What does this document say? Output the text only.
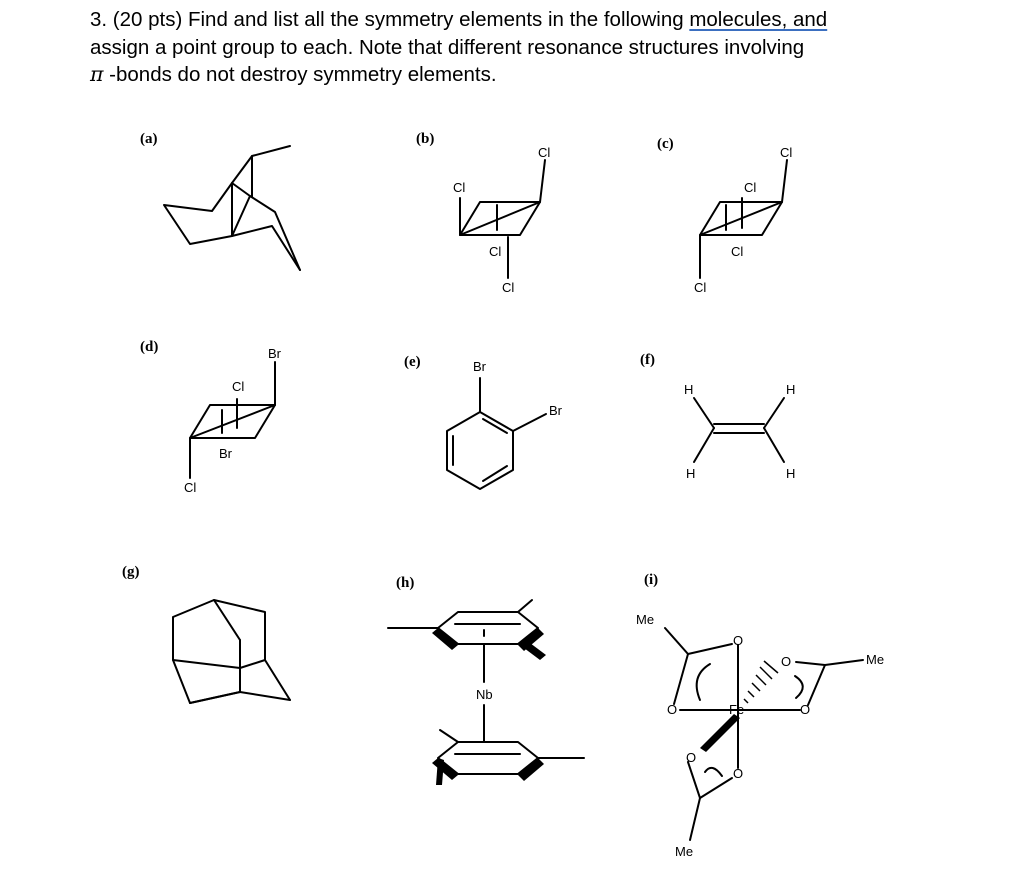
3. (20 pts) Find and list all the symmetry elements in the following molecules, and
assign a point group to each. Note that different resonance structures involving
π -bonds do not destroy symmetry elements.
(a)	(b)	(c)
(d)
(e)	(f)
(g)
(h)	(i)
Cl
Cl
Cl
Cl
Cl
Cl
Cl
Cl
Br
Cl
Br
Cl
Br
Br
H	H
H	H
Nb
Fe
O
O
O
O
O
O
Me
Me
Me
